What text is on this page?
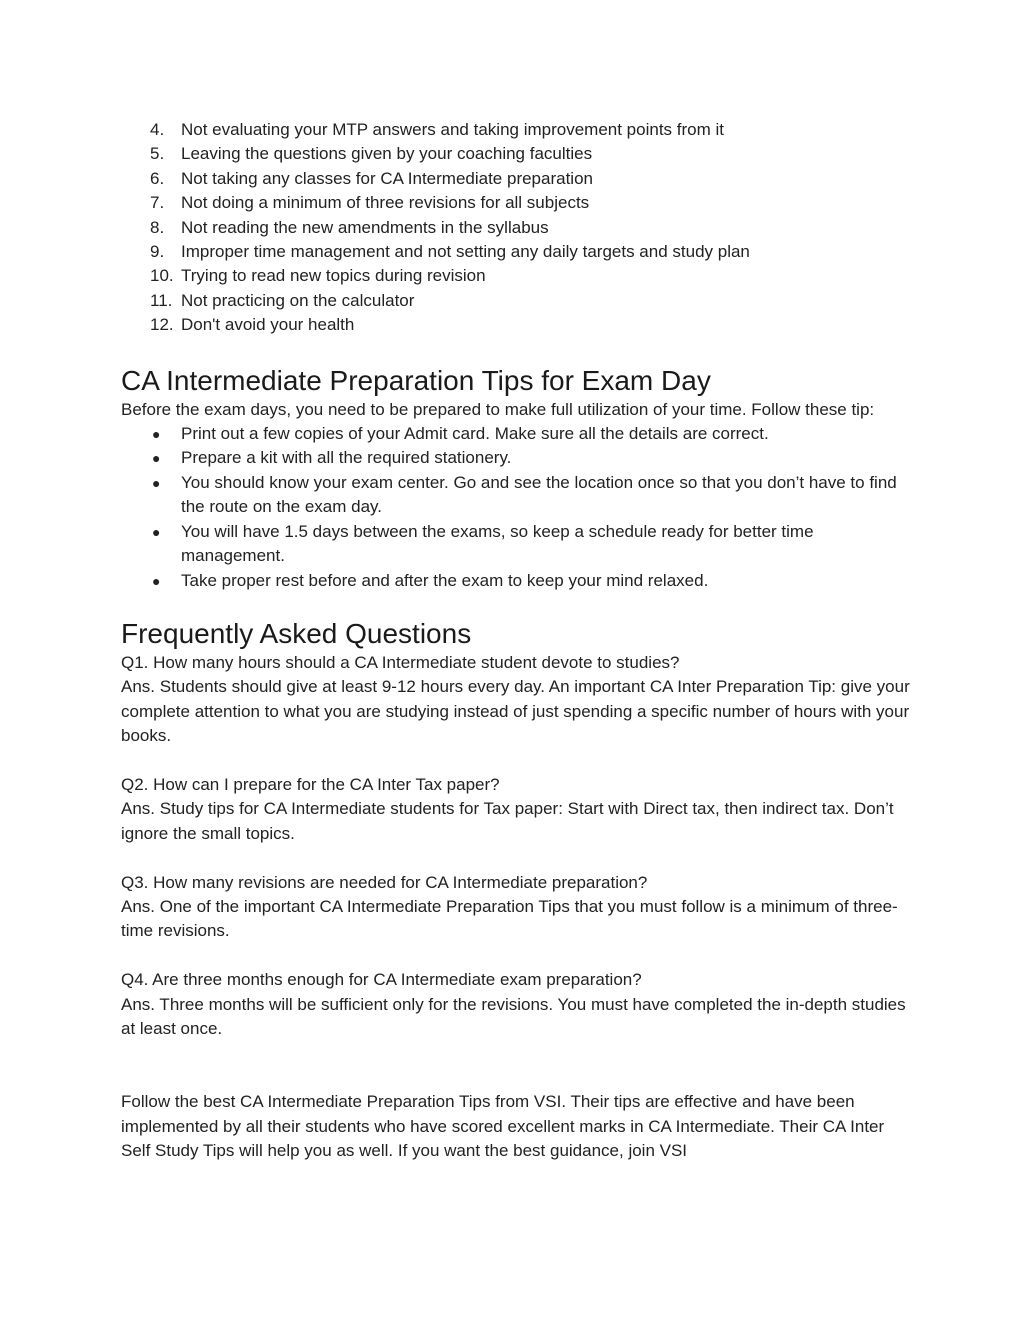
4. Not evaluating your MTP answers and taking improvement points from it
5. Leaving the questions given by your coaching faculties
6. Not taking any classes for CA Intermediate preparation
7. Not doing a minimum of three revisions for all subjects
8. Not reading the new amendments in the syllabus
9. Improper time management and not setting any daily targets and study plan
10. Trying to read new topics during revision
11. Not practicing on the calculator
12. Don't avoid your health
CA Intermediate Preparation Tips for Exam Day

Before the exam days, you need to be prepared to make full utilization of your time. Follow these tip:

● Print out a few copies of your Admit card. Make sure all the details are correct.
● Prepare a kit with all the required stationery.
● You should know your exam center. Go and see the location once so that you don’t have to find the route on the exam day.
● You will have 1.5 days between the exams, so keep a schedule ready for better time management.
● Take proper rest before and after the exam to keep your mind relaxed.
Frequently Asked Questions

Q1. How many hours should a CA Intermediate student devote to studies?

Ans. Students should give at least 9-12 hours every day. An important CA Inter Preparation Tip: give your complete attention to what you are studying instead of just spending a specific number of hours with your books.

Q2. How can I prepare for the CA Inter Tax paper?

Ans. Study tips for CA Intermediate students for Tax paper: Start with Direct tax, then indirect tax. Don’t ignore the small topics.

Q3. How many revisions are needed for CA Intermediate preparation?

Ans. One of the important CA Intermediate Preparation Tips that you must follow is a minimum of three-time revisions.

Q4. Are three months enough for CA Intermediate exam preparation?

Ans. Three months will be sufficient only for the revisions. You must have completed the in-depth studies at least once.

Follow the best CA Intermediate Preparation Tips from VSI. Their tips are effective and have been implemented by all their students who have scored excellent marks in CA Intermediate. Their CA Inter Self Study Tips will help you as well. If you want the best guidance, join VSI
